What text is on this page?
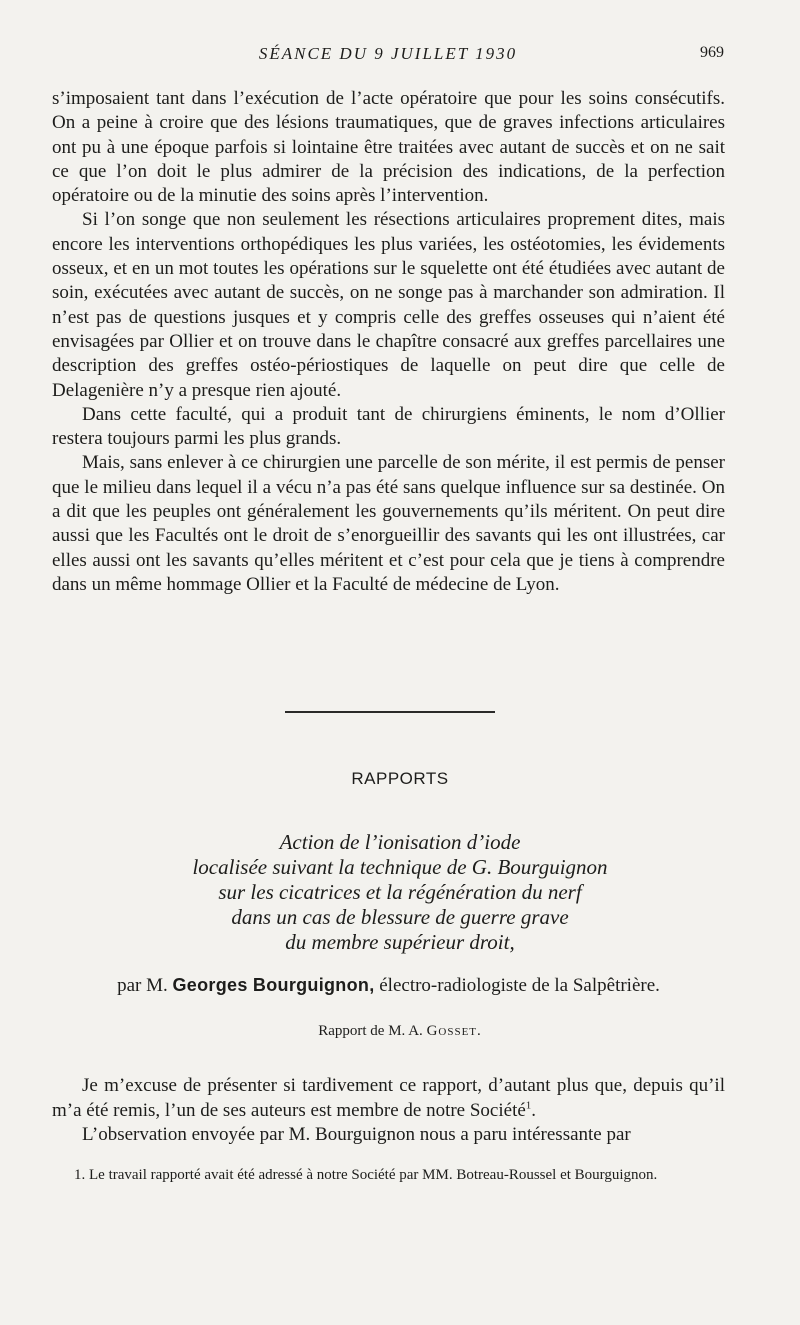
SÉANCE DU 9 JUILLET 1930	969

s’imposaient tant dans l’exécution de l’acte opératoire que pour les soins consécutifs. On a peine à croire que des lésions traumatiques, que de graves infections articulaires ont pu à une époque parfois si lointaine être traitées avec autant de succès et on ne sait ce que l’on doit le plus admirer de la précision des indications, de la perfection opératoire ou de la minutie des soins après l’intervention.

Si l’on songe que non seulement les résections articulaires proprement dites, mais encore les interventions orthopédiques les plus variées, les ostéotomies, les évidements osseux, et en un mot toutes les opérations sur le squelette ont été étudiées avec autant de soin, exécutées avec autant de succès, on ne songe pas à marchander son admiration. Il n’est pas de questions jusques et y compris celle des greffes osseuses qui n’aient été envisagées par Ollier et on trouve dans le chapître consacré aux greffes parcellaires une description des greffes ostéo-périostiques de laquelle on peut dire que celle de Delagenière n’y a presque rien ajouté.

Dans cette faculté, qui a produit tant de chirurgiens éminents, le nom d’Ollier restera toujours parmi les plus grands.

Mais, sans enlever à ce chirurgien une parcelle de son mérite, il est permis de penser que le milieu dans lequel il a vécu n’a pas été sans quelque influence sur sa destinée. On a dit que les peuples ont généralement les gouvernements qu’ils méritent. On peut dire aussi que les Facultés ont le droit de s’enorgueillir des savants qui les ont illustrées, car elles aussi ont les savants qu’elles méritent et c’est pour cela que je tiens à comprendre dans un même hommage Ollier et la Faculté de médecine de Lyon.

RAPPORTS
Action de l’ionisation d’iode
localisée suivant la technique de G. Bourguignon
sur les cicatrices et la régénération du nerf
dans un cas de blessure de guerre grave
du membre supérieur droit,
par M. Georges Bourguignon, électro-radiologiste de la Salpêtrière.
Rapport de M. A. Gosset.

Je m’excuse de présenter si tardivement ce rapport, d’autant plus que, depuis qu’il m’a été remis, l’un de ses auteurs est membre de notre Société$^1$.

L’observation envoyée par M. Bourguignon nous a paru intéressante par

1. Le travail rapporté avait été adressé à notre Société par MM. Botreau-Roussel et Bourguignon.
